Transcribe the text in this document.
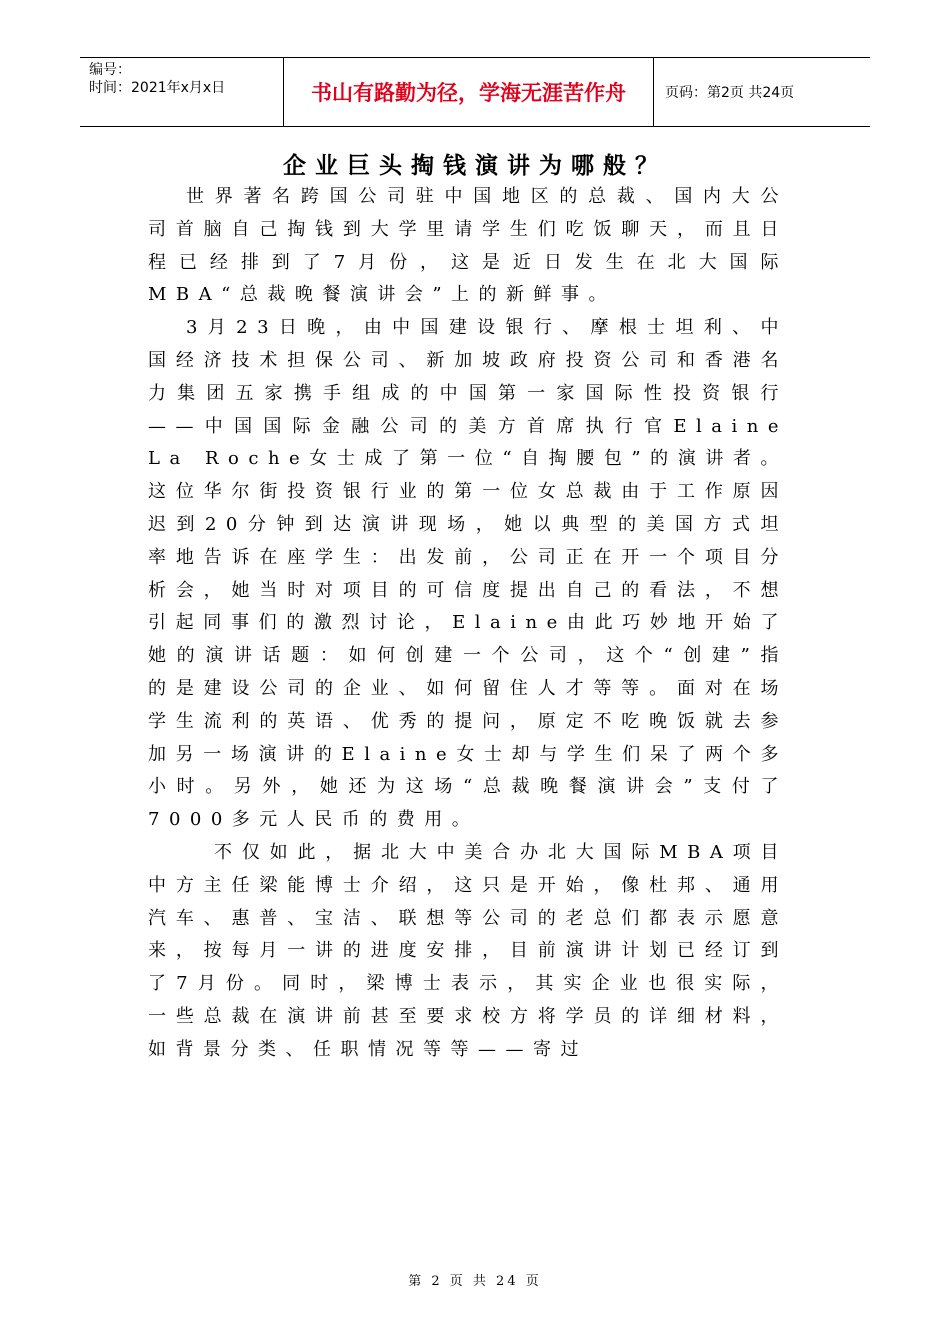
编号：
时间：2021年x月x日	书山有路勤为径，学海无涯苦作舟	页码：第2页 共24页
企业巨头掏钱演讲为哪般？

世界著名跨国公司驻中国地区的总裁、国内大公司首脑自己掏钱到大学里请学生们吃饭聊天，而且日程已经排到了7月份，这是近日发生在北大国际MBA“总裁晚餐演讲会”上的新鲜事。

3月23日晚，由中国建设银行、摩根士坦利、中国经济技术担保公司、新加坡政府投资公司和香港名力集团五家携手组成的中国第一家国际性投资银行——中国国际金融公司的美方首席执行官Elaine La Roche女士成了第一位“自掏腰包”的演讲者。这位华尔街投资银行业的第一位女总裁由于工作原因迟到20分钟到达演讲现场，她以典型的美国方式坦率地告诉在座学生：出发前，公司正在开一个项目分析会，她当时对项目的可信度提出自己的看法，不想引起同事们的激烈讨论，Elaine由此巧妙地开始了她的演讲话题：如何创建一个公司，这个“创建”指的是建设公司的企业、如何留住人才等等。面对在场学生流利的英语、优秀的提问，原定不吃晚饭就去参加另一场演讲的Elaine女士却与学生们呆了两个多小时。另外，她还为这场“总裁晚餐演讲会”支付了7000多元人民币的费用。

不仅如此，据北大中美合办北大国际MBA项目中方主任梁能博士介绍，这只是开始，像杜邦、通用汽车、惠普、宝洁、联想等公司的老总们都表示愿意来，按每月一讲的进度安排，目前演讲计划已经订到了7月份。同时，梁博士表示，其实企业也很实际，一些总裁在演讲前甚至要求校方将学员的详细材料，如背景分类、任职情况等等——寄过

第 2 页 共 24 页
